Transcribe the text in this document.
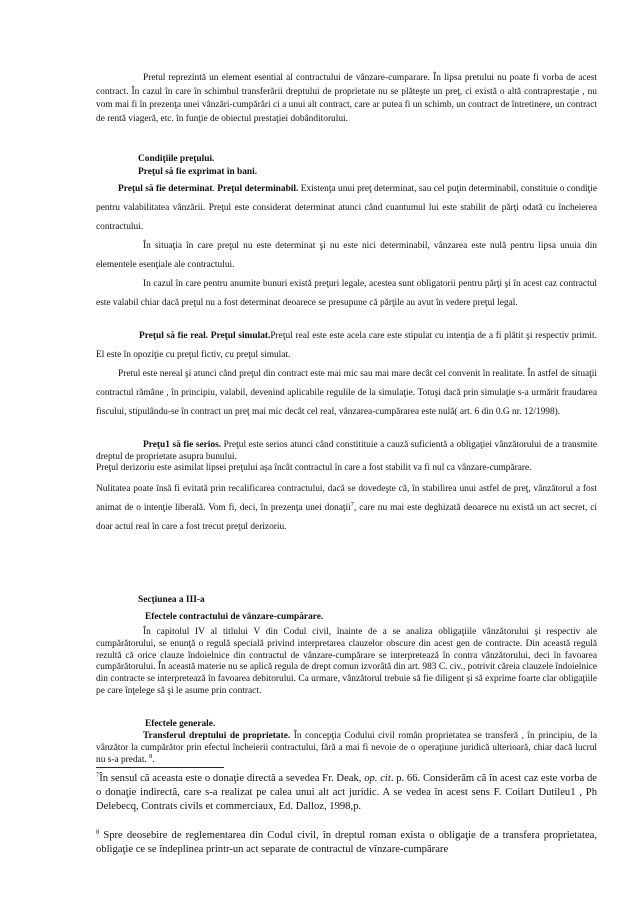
Pretul reprezintă un element esential al contractului de vânzare-cumparare. În lipsa pretului nu poate fi vorba de acest contract. În cazul în care în schimbul transferării dreptului de proprietate nu se plăteşte un preţ, ci există o altă contraprestaţie , nu vom mai fi în prezenţa unei vânzări-cumpărări ci a unui alt contract, care ar putea fi un schimb, un contract de întretinere, un contract de rentă viageră, etc. în funţie de obiectul prestaţiei dobânditorului.

Condiţiile preţului.

Preţul să fie exprimat în bani.

Preţul să fie determinat. Preţul determinabil. Existenţa unui preţ determinat, sau cel puţin determinabil, constituie o condiţie pentru valabilitatea vânzării. Preţul este considerat determinat atunci când cuantumul lui este stabilit de părţi odată cu încheierea contractului.

În situaţia în care preţul nu este determinat şi nu este nici determinabil, vânzarea este nulă pentru lipsa unuia din elementele esenţiale ale contractului.

In cazul în care pentru anumite bunuri există preţuri legale, acestea sunt obligatorii pentru părţi şi în acest caz contractul este valabil chiar dacă preţul nu a fost determinat deoarece se presupune că părţile au avut în vedere preţul legal.

Preţul să fie real. Preţul simulat.Preţul real este este acela care este stipulat cu intenţia de a fi plătit şi respectiv primit. El este în opoziţie cu preţul fictiv, cu preţul simulat.

Pretul este nereal şi atunci când preţul din contract este mai mic sau mai mare decât cel convenit în realitate. În astfel de situaţii contractul rămâne , în principiu, valabil, devenind aplicabile regulile de la simulaţie. Totuşi dacă prin simulaţie s-a urmărit fraudarea fiscului, stipulându-se în contract un preţ mai mic decât cel real, vânzarea-cumpărarea este nulă( art. 6 din 0.G nr. 12/1998).

Preţu1 să fie serios. Preţul este serios atunci când constitituie a cauză suficientă a obligaţiei vânzătorului de a transmite dreptul de proprietate asupra bunului.

Preţul derizoriu este asimilat lipsei preţului aşa încât contractul în care a fost stabilit va fi nul ca vânzare-cumpărare.

Nulitatea poate însă fi evitată prin recalificarea contractului, dacă se dovedeşte că, în stabilirea unui astfel de preţ, vânzătorul a fost animat de o intenţie liberală. Vom fi, deci, în prezenţa unei donaţii$^7$, care nu mai este deghizată deoarece nu există un act secret, ci doar actul real în care a fost trecut preţul derizoriu.

Secţiunea a III-a

Efectele contractului de vânzare-cumpărare.

În capitolul IV al titlului V din Codul civil, înainte de a se analiza obligaţiile vânzătorului şi respectiv ale cumpărătorului, se enunţă o regulă specială privind interpretarea clauzelor obscure din acest gen de contracte. Din această regulă rezultă că orice clauze îndoielnice din contractul de vânzare-cumpărare se interpretează în contra vânzătorului, deci în favoarea cumpărătorului. În această materie nu se aplică regula de drept comun izvorâtă din art. 983 C. civ., potrivit căreia clauzele îndoielnice din contracte se interpretează în favoarea debitorului. Ca urmare, vânzătorul trebuie să fie diligent şi să exprime foarte clar obligaţiile pe care înţelege să şi le asume prin contract.

Efectele generale.

Transferul dreptului de proprietate. În concepţia Codului civil român proprietatea se transferă , în principiu, de la vânzător la cumpărător prin efectul încheierii contractului, fără a mai fi nevoie de o operaţiune juridică ulterioară, chiar dacă lucrul nu s-a predat. $^8$.

$^7$În sensul că aceasta este o donaţie directă a sevedea Fr. Deak, op. cit. p. 66. Considerăm că în acest caz este vorba de o donaţie indirectă, care s-a realizat pe calea unui alt act juridic. A se vedea în acest sens F. Coilart Dutileu1 , Ph Delebecq, Contrats civils et commerciaux, Ed. Dalloz, 1998,p.

$^8$ Spre deosebire de reglementarea din Codul civil, în dreptul roman exista o obligaţie de a transfera proprietatea, obligaţie ce se îndeplinea printr-un act separate de contractul de vînzare-cumpărare
